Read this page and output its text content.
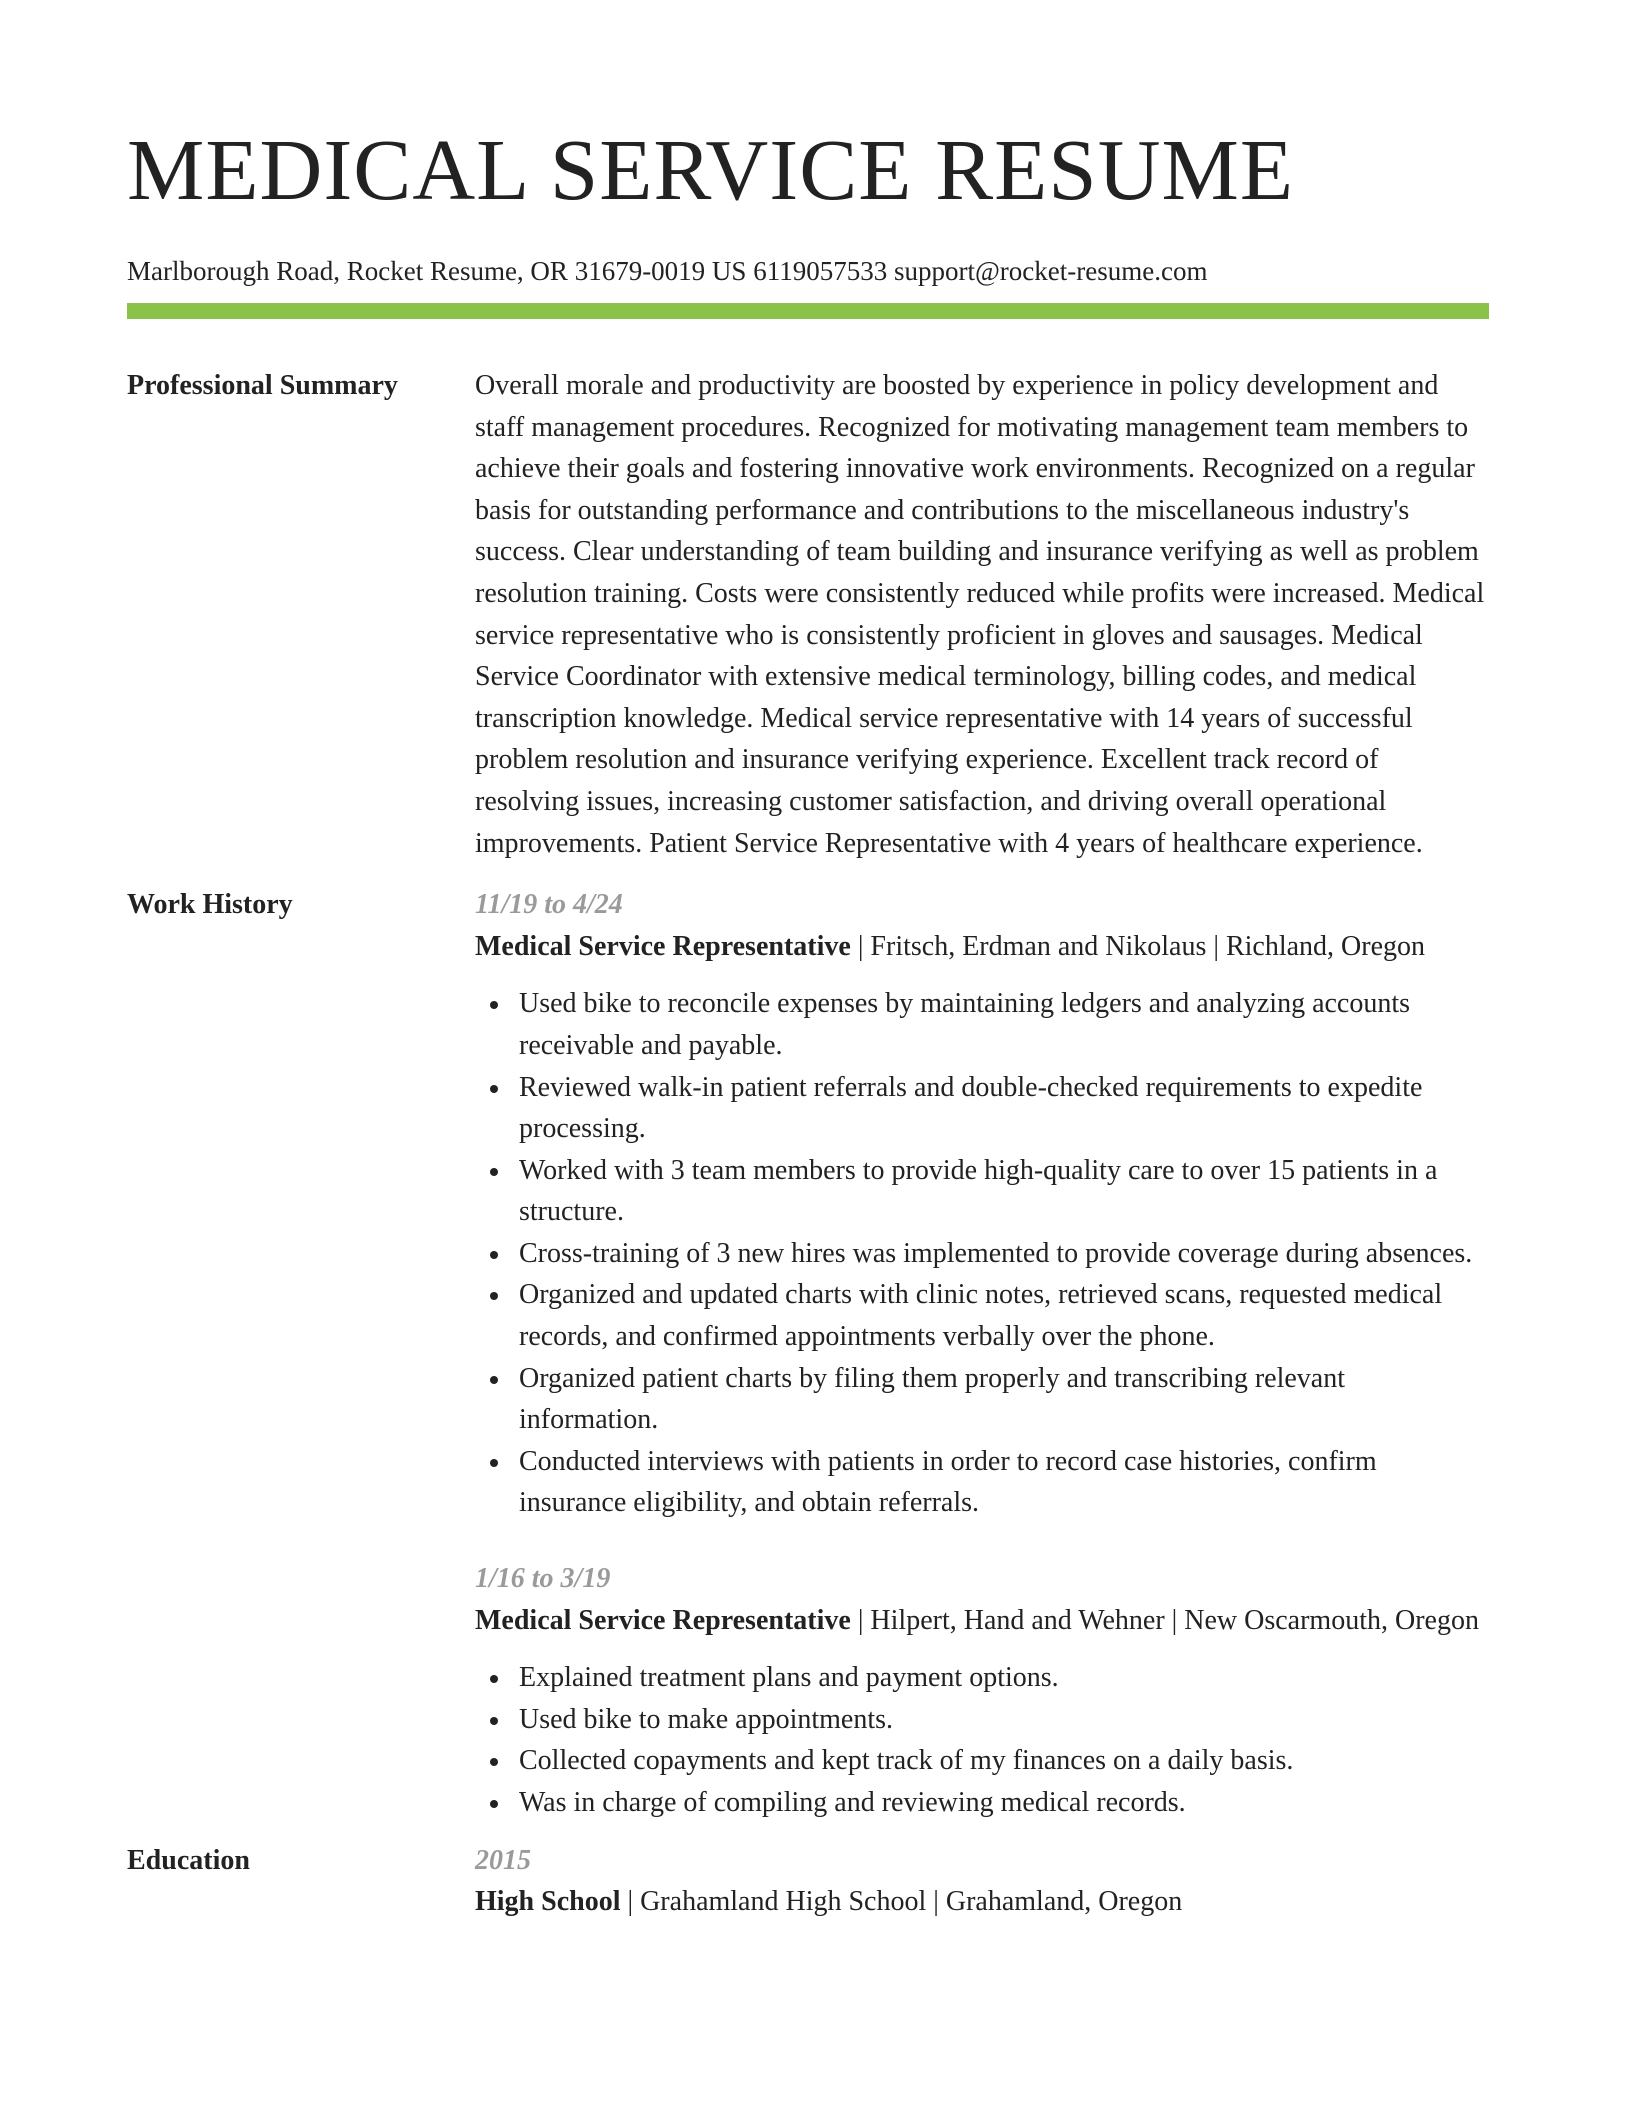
MEDICAL SERVICE RESUME
Marlborough Road, Rocket Resume, OR 31679-0019 US 6119057533 support@rocket-resume.com
Professional Summary	Overall morale and productivity are boosted by experience in policy development and staff management procedures. Recognized for motivating management team members to achieve their goals and fostering innovative work environments. Recognized on a regular basis for outstanding performance and contributions to the miscellaneous industry's success. Clear understanding of team building and insurance verifying as well as problem resolution training. Costs were consistently reduced while profits were increased. Medical service representative who is consistently proficient in gloves and sausages. Medical Service Coordinator with extensive medical terminology, billing codes, and medical transcription knowledge. Medical service representative with 14 years of successful problem resolution and insurance verifying experience. Excellent track record of resolving issues, increasing customer satisfaction, and driving overall operational improvements. Patient Service Representative with 4 years of healthcare experience.

Work History	11/19 to 4/24
Medical Service Representative | Fritsch, Erdman and Nikolaus | Richland, Oregon
Used bike to reconcile expenses by maintaining ledgers and analyzing accounts receivable and payable.
Reviewed walk-in patient referrals and double-checked requirements to expedite processing.
Worked with 3 team members to provide high-quality care to over 15 patients in a structure.
Cross-training of 3 new hires was implemented to provide coverage during absences.
Organized and updated charts with clinic notes, retrieved scans, requested medical records, and confirmed appointments verbally over the phone.
Organized patient charts by filing them properly and transcribing relevant information.
Conducted interviews with patients in order to record case histories, confirm insurance eligibility, and obtain referrals.
1/16 to 3/19
Medical Service Representative | Hilpert, Hand and Wehner | New Oscarmouth, Oregon
Explained treatment plans and payment options.
Used bike to make appointments.
Collected copayments and kept track of my finances on a daily basis.
Was in charge of compiling and reviewing medical records.
Education	2015
High School | Grahamland High School | Grahamland, Oregon
